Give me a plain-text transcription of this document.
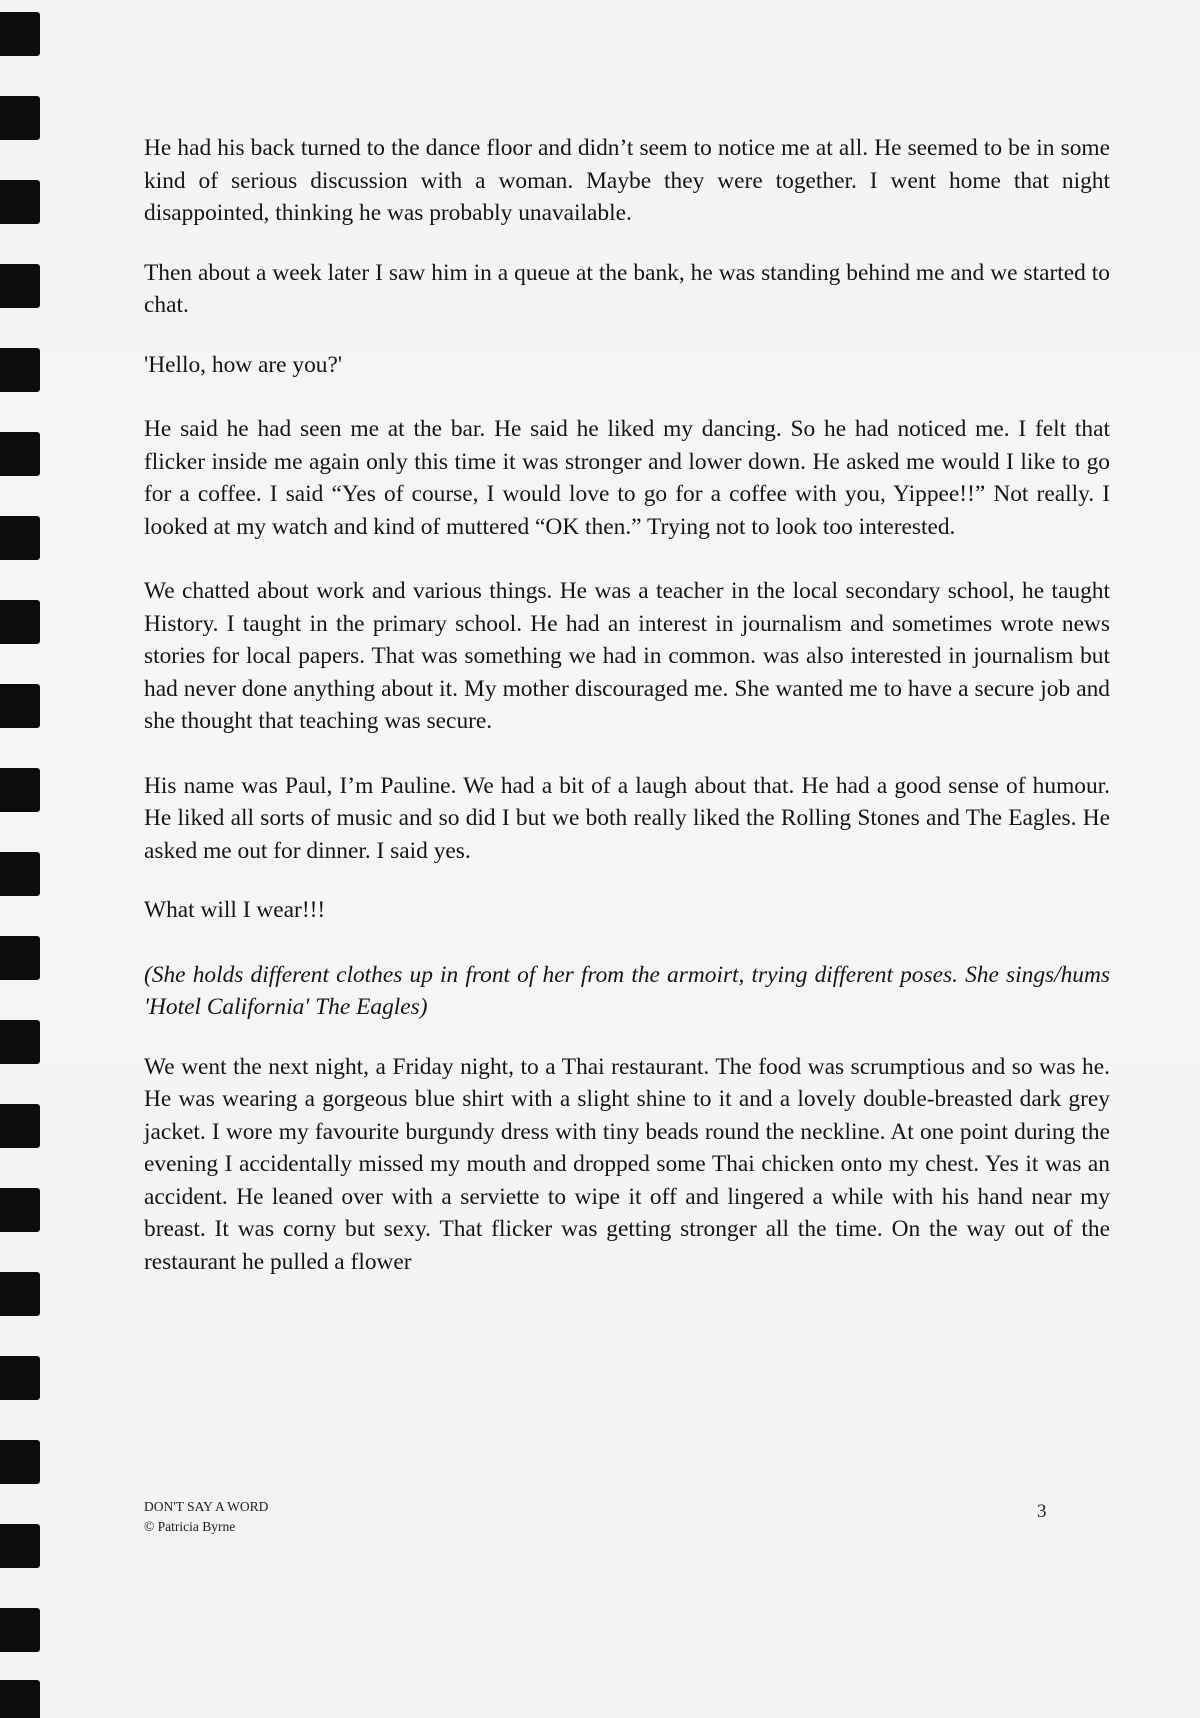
He had his back turned to the dance floor and didn’t seem to notice me at all. He seemed to be in some kind of serious discussion with a woman. Maybe they were together. I went home that night disappointed, thinking he was probably unavailable.

Then about a week later I saw him in a queue at the bank, he was standing behind me and we started to chat.

'Hello, how are you?'

He said he had seen me at the bar. He said he liked my dancing. So he had noticed me. I felt that flicker inside me again only this time it was stronger and lower down. He asked me would I like to go for a coffee. I said “Yes of course, I would love to go for a coffee with you, Yippee!!” Not really. I looked at my watch and kind of muttered “OK then.” Trying not to look too interested.

We chatted about work and various things. He was a teacher in the local secondary school, he taught History. I taught in the primary school. He had an interest in journalism and sometimes wrote news stories for local papers. That was something we had in common. was also interested in journalism but had never done anything about it. My mother discouraged me. She wanted me to have a secure job and she thought that teaching was secure.

His name was Paul, I’m Pauline. We had a bit of a laugh about that. He had a good sense of humour. He liked all sorts of music and so did I but we both really liked the Rolling Stones and The Eagles. He asked me out for dinner. I said yes.

What will I wear!!!

(She holds different clothes up in front of her from the armoirt, trying different poses. She sings/hums 'Hotel California' The Eagles)

We went the next night, a Friday night, to a Thai restaurant. The food was scrumptious and so was he. He was wearing a gorgeous blue shirt with a slight shine to it and a lovely double-breasted dark grey jacket. I wore my favourite burgundy dress with tiny beads round the neckline. At one point during the evening I accidentally missed my mouth and dropped some Thai chicken onto my chest. Yes it was an accident. He leaned over with a serviette to wipe it off and lingered a while with his hand near my breast. It was corny but sexy. That flicker was getting stronger all the time. On the way out of the restaurant he pulled a flower

DON'T SAY A WORD
© Patricia Byrne
3
